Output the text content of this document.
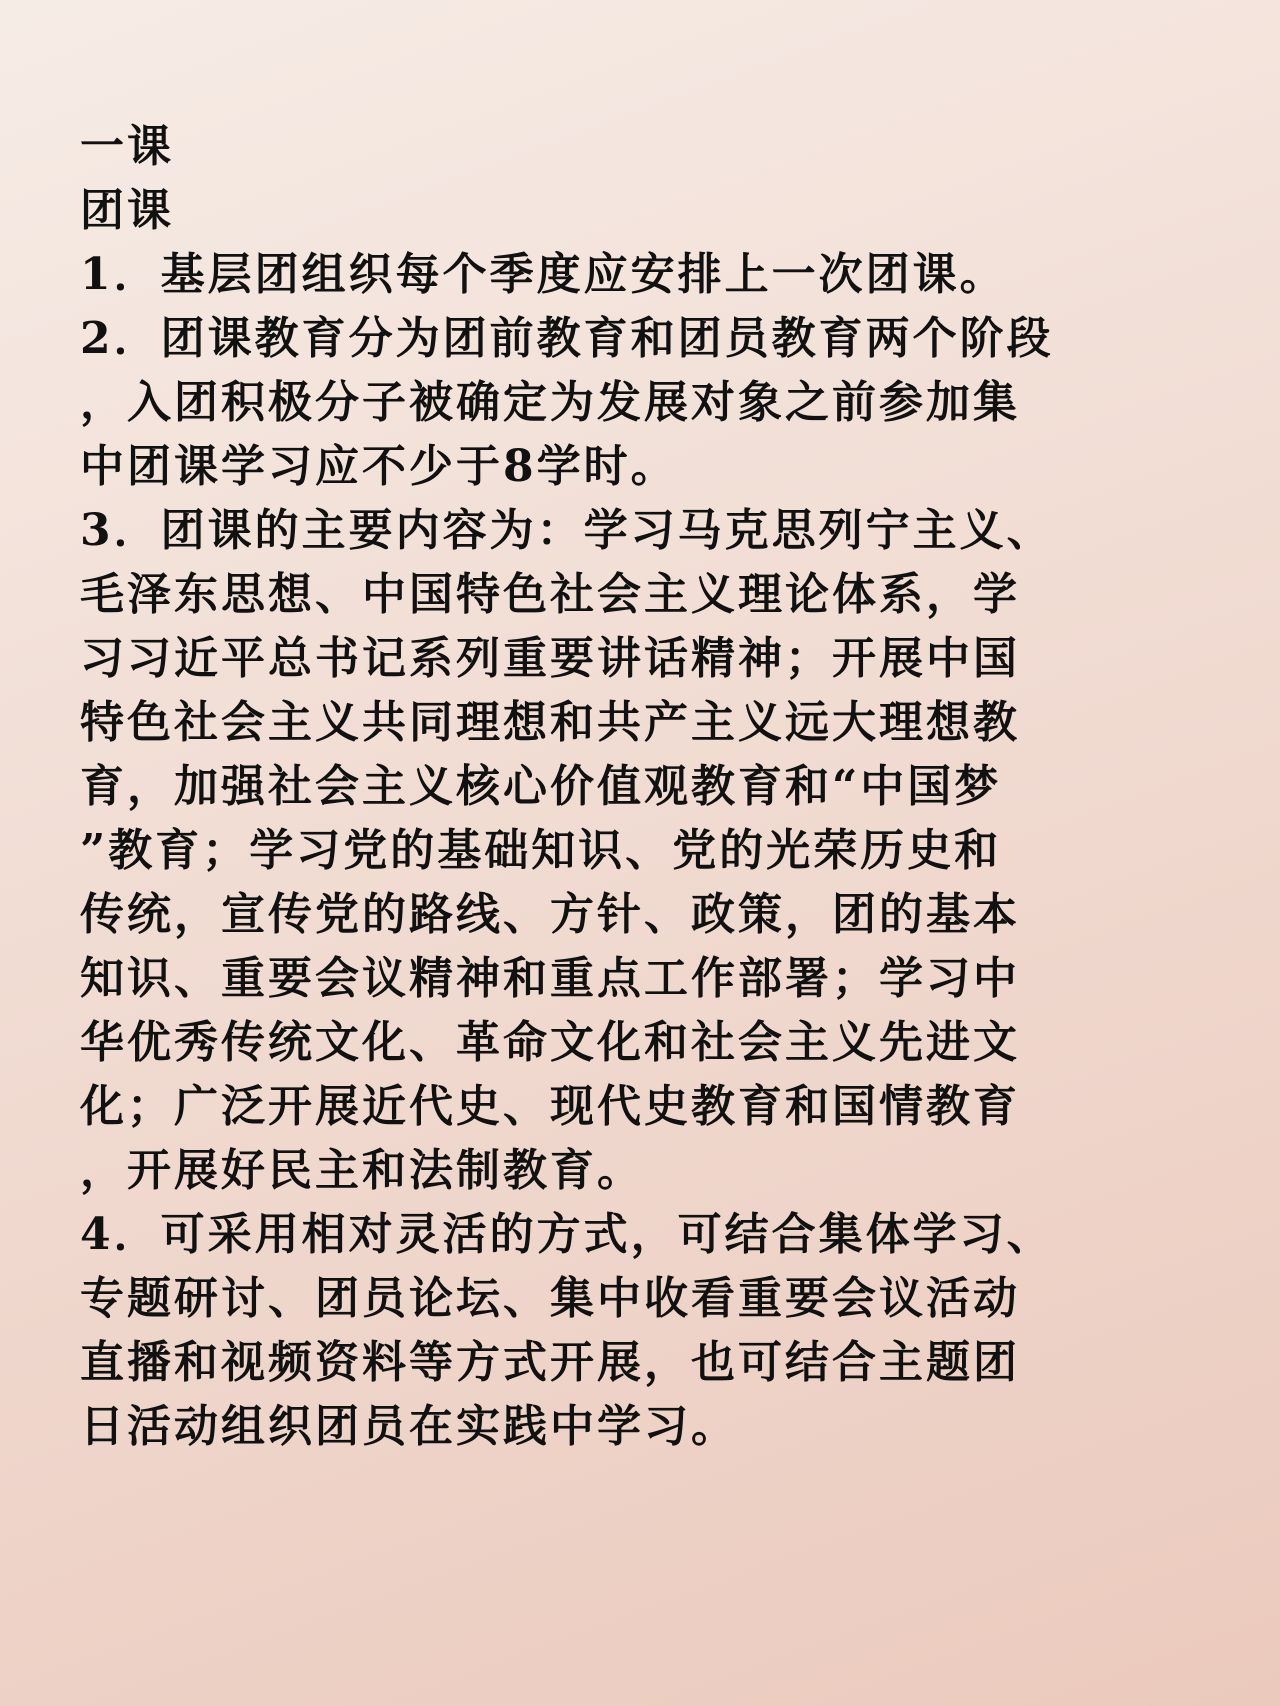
一课
团课
1．基层团组织每个季度应安排上一次团课。
2．团课教育分为团前教育和团员教育两个阶段
，入团积极分子被确定为发展对象之前参加集
中团课学习应不少于8学时。
3．团课的主要内容为：学习马克思列宁主义、
毛泽东思想、中国特色社会主义理论体系，学
习习近平总书记系列重要讲话精神；开展中国
特色社会主义共同理想和共产主义远大理想教
育，加强社会主义核心价值观教育和“中国梦
”教育；学习党的基础知识、党的光荣历史和
传统，宣传党的路线、方针、政策，团的基本
知识、重要会议精神和重点工作部署；学习中
华优秀传统文化、革命文化和社会主义先进文
化；广泛开展近代史、现代史教育和国情教育
，开展好民主和法制教育。
4．可采用相对灵活的方式，可结合集体学习、
专题研讨、团员论坛、集中收看重要会议活动
直播和视频资料等方式开展，也可结合主题团
日活动组织团员在实践中学习。
